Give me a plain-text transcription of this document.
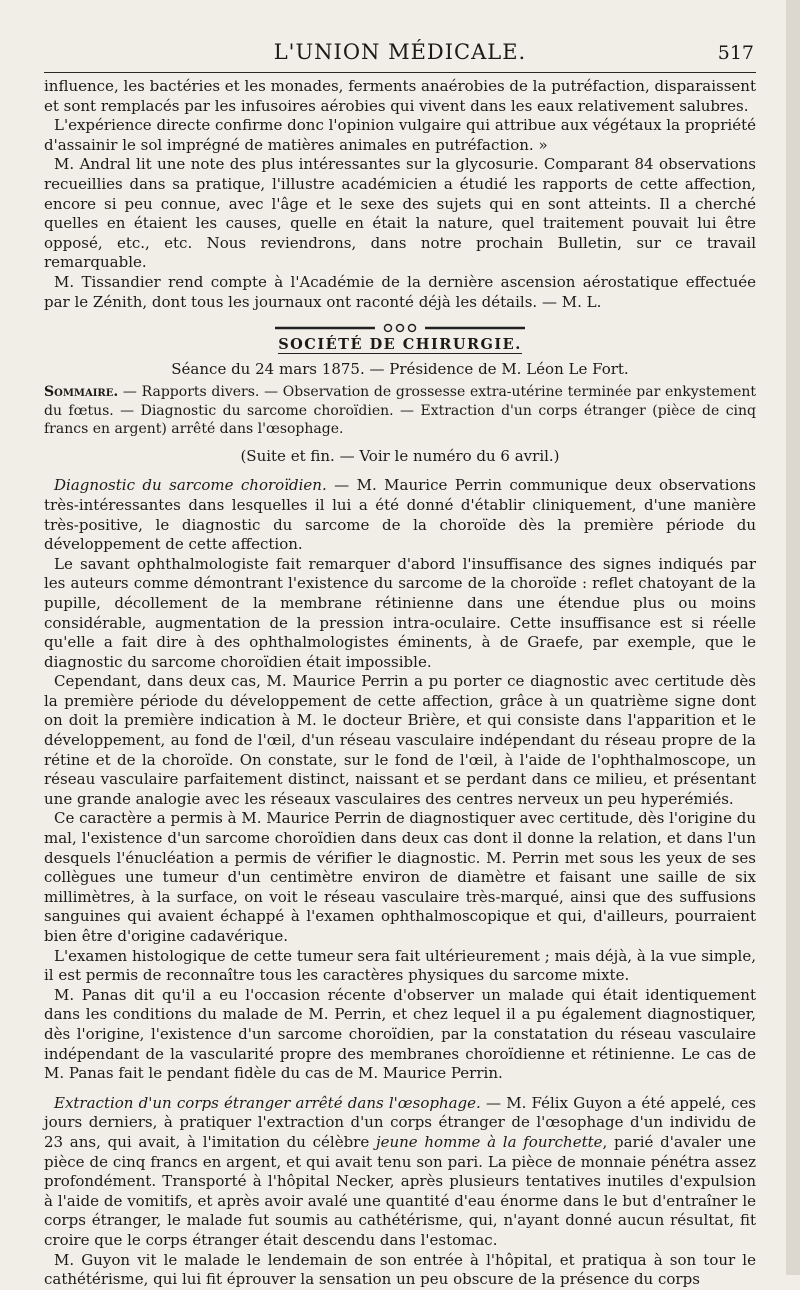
L'UNION MÉDICALE.	517

influence, les bactéries et les monades, ferments anaérobies de la putréfaction, disparaissent et sont remplacés par les infusoires aérobies qui vivent dans les eaux relativement salubres.

L'expérience directe confirme donc l'opinion vulgaire qui attribue aux végétaux la propriété d'assainir le sol imprégné de matières animales en putréfaction. »

M. Andral lit une note des plus intéressantes sur la glycosurie. Comparant 84 observations recueillies dans sa pratique, l'illustre académicien a étudié les rapports de cette affection, encore si peu connue, avec l'âge et le sexe des sujets qui en sont atteints. Il a cherché quelles en étaient les causes, quelle en était la nature, quel traitement pouvait lui être opposé, etc., etc. Nous reviendrons, dans notre prochain Bulletin, sur ce travail remarquable.

M. Tissandier rend compte à l'Académie de la dernière ascension aérostatique effectuée par le Zénith, dont tous les journaux ont raconté déjà les détails. — M. L.

SOCIÉTÉ DE CHIRURGIE.
Séance du 24 mars 1875. — Présidence de M. Léon Le Fort.
Sommaire. — Rapports divers. — Observation de grossesse extra-utérine terminée par enkystement du fœtus. — Diagnostic du sarcome choroïdien. — Extraction d'un corps étranger (pièce de cinq francs en argent) arrêté dans l'œsophage.
(Suite et fin. — Voir le numéro du 6 avril.)

Diagnostic du sarcome choroïdien. — M. Maurice Perrin communique deux observations très-intéressantes dans lesquelles il lui a été donné d'établir cliniquement, d'une manière très-positive, le diagnostic du sarcome de la choroïde dès la première période du développement de cette affection.

Le savant ophthalmologiste fait remarquer d'abord l'insuffisance des signes indiqués par les auteurs comme démontrant l'existence du sarcome de la choroïde : reflet chatoyant de la pupille, décollement de la membrane rétinienne dans une étendue plus ou moins considérable, augmentation de la pression intra-oculaire. Cette insuffisance est si réelle qu'elle a fait dire à des ophthalmologistes éminents, à de Graefe, par exemple, que le diagnostic du sarcome choroïdien était impossible.

Cependant, dans deux cas, M. Maurice Perrin a pu porter ce diagnostic avec certitude dès la première période du développement de cette affection, grâce à un quatrième signe dont on doit la première indication à M. le docteur Brière, et qui consiste dans l'apparition et le développement, au fond de l'œil, d'un réseau vasculaire indépendant du réseau propre de la rétine et de la choroïde. On constate, sur le fond de l'œil, à l'aide de l'ophthalmoscope, un réseau vasculaire parfaitement distinct, naissant et se perdant dans ce milieu, et présentant une grande analogie avec les réseaux vasculaires des centres nerveux un peu hyperémiés.

Ce caractère a permis à M. Maurice Perrin de diagnostiquer avec certitude, dès l'origine du mal, l'existence d'un sarcome choroïdien dans deux cas dont il donne la relation, et dans l'un desquels l'énucléation a permis de vérifier le diagnostic. M. Perrin met sous les yeux de ses collègues une tumeur d'un centimètre environ de diamètre et faisant une saille de six millimètres, à la surface, on voit le réseau vasculaire très-marqué, ainsi que des suffusions sanguines qui avaient échappé à l'examen ophthalmoscopique et qui, d'ailleurs, pourraient bien être d'origine cadavérique.

L'examen histologique de cette tumeur sera fait ultérieurement ; mais déjà, à la vue simple, il est permis de reconnaître tous les caractères physiques du sarcome mixte.

M. Panas dit qu'il a eu l'occasion récente d'observer un malade qui était identiquement dans les conditions du malade de M. Perrin, et chez lequel il a pu également diagnostiquer, dès l'origine, l'existence d'un sarcome choroïdien, par la constatation du réseau vasculaire indépendant de la vascularité propre des membranes choroïdienne et rétinienne. Le cas de M. Panas fait le pendant fidèle du cas de M. Maurice Perrin.

Extraction d'un corps étranger arrêté dans l'œsophage. — M. Félix Guyon a été appelé, ces jours derniers, à pratiquer l'extraction d'un corps étranger de l'œsophage d'un individu de 23 ans, qui avait, à l'imitation du célèbre jeune homme à la fourchette, parié d'avaler une pièce de cinq francs en argent, et qui avait tenu son pari. La pièce de monnaie pénétra assez profondément. Transporté à l'hôpital Necker, après plusieurs tentatives inutiles d'expulsion à l'aide de vomitifs, et après avoir avalé une quantité d'eau énorme dans le but d'entraîner le corps étranger, le malade fut soumis au cathétérisme, qui, n'ayant donné aucun résultat, fit croire que le corps étranger était descendu dans l'estomac.

M. Guyon vit le malade le lendemain de son entrée à l'hôpital, et pratiqua à son tour le cathétérisme, qui lui fit éprouver la sensation un peu obscure de la présence du corps
